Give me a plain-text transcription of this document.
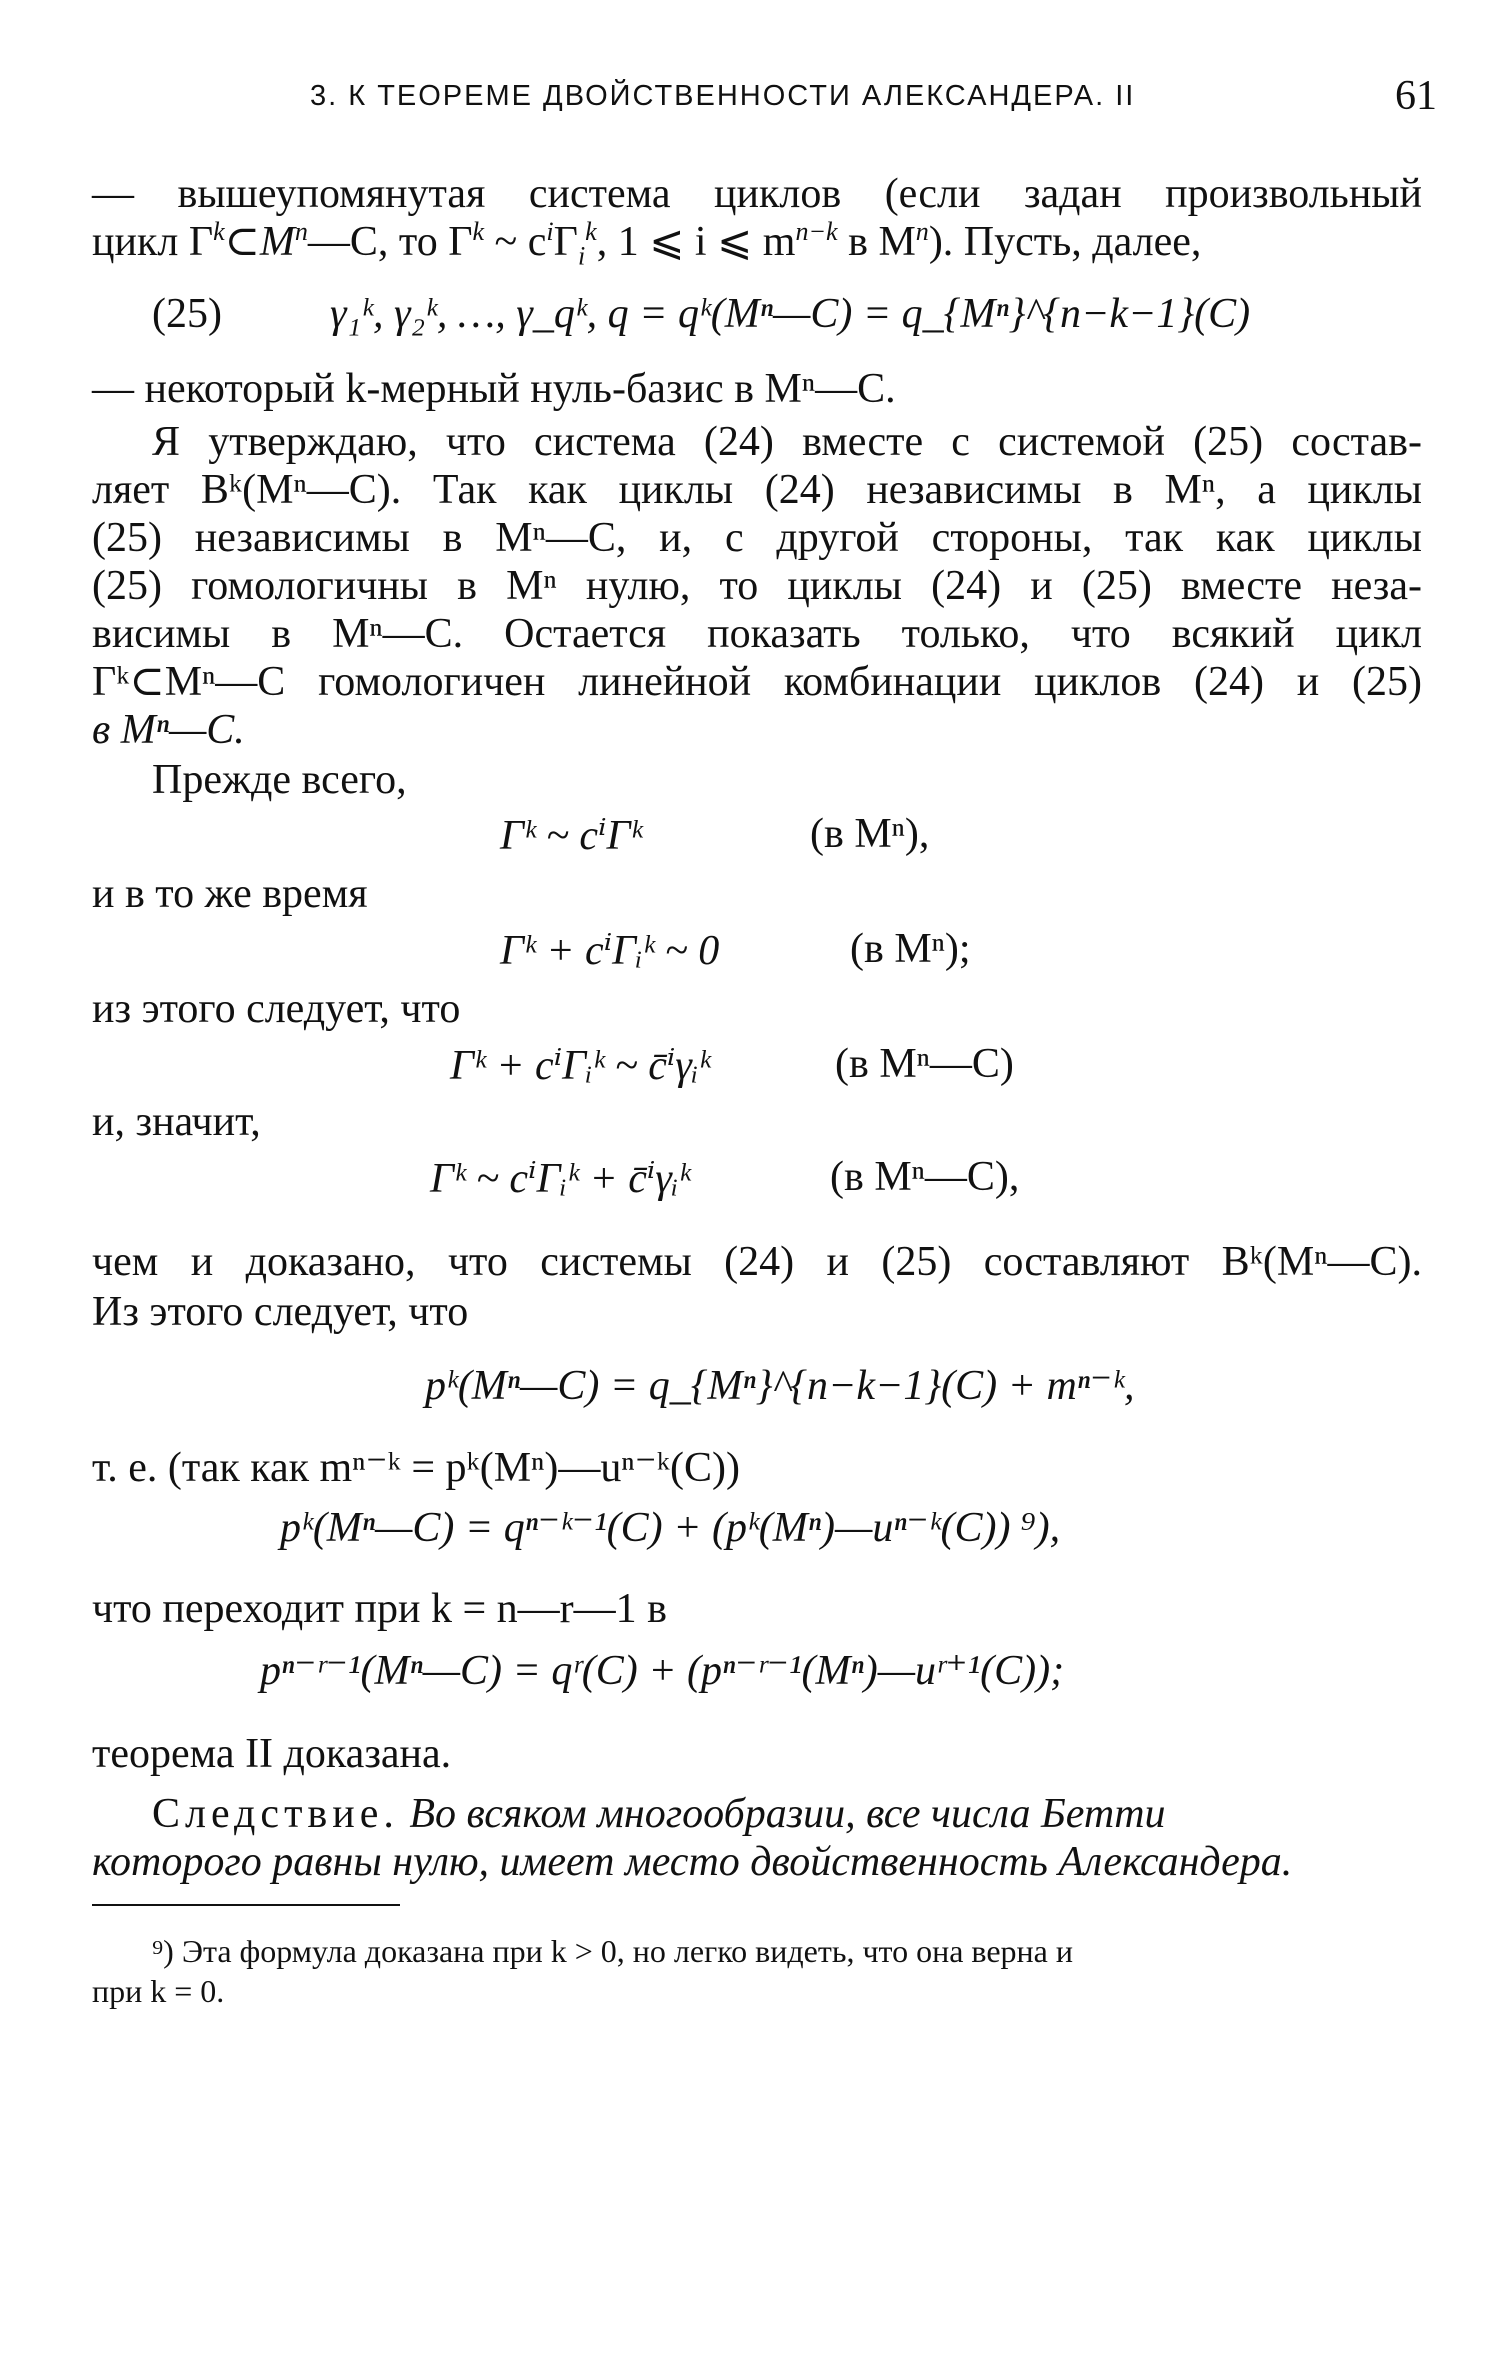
3. К ТЕОРЕМЕ ДВОЙСТВЕННОСТИ АЛЕКСАНДЕРА. II	61
— вышеупомянутая система циклов (если задан произвольный
цикл $\Gamma^k\subset M^n—C$, то $\Gamma^k$ ~ $c^i\Gamma_i^k$, 1 ⩽ i ⩽ $m^{n-k}$ в $M^n$). Пусть, далее,
(25)	γ₁ᵏ, γ₂ᵏ, …, γ_qᵏ, q = qᵏ(Mⁿ—C) = q_{Mⁿ}^{n−k−1}(C)
— некоторый k-мерный нуль-базис в Mⁿ—C.
Я утверждаю, что система (24) вместе с системой (25) состав-
ляет Bᵏ(Mⁿ—C). Так как циклы (24) независимы в Mⁿ, а циклы
(25) независимы в Mⁿ—C, и, с другой стороны, так как циклы
(25) гомологичны в Mⁿ нулю, то циклы (24) и (25) вместе неза-
висимы в Mⁿ—C. Остается показать только, что всякий цикл
Γᵏ⊂Mⁿ—C гомологичен линейной комбинации циклов (24) и (25)
в Mⁿ—C.
Прежде всего,
Γᵏ ~ cⁱΓᵏ	(в Mⁿ),
и в то же время
Γᵏ + cⁱΓᵢᵏ ~ 0	(в Mⁿ);
из этого следует, что
Γᵏ + cⁱΓᵢᵏ ~ c̄ⁱγᵢᵏ	(в Mⁿ—C)
и, значит,
Γᵏ ~ cⁱΓᵢᵏ + c̄ⁱγᵢᵏ	(в Mⁿ—C),
чем и доказано, что системы (24) и (25) составляют Bᵏ(Mⁿ—C).
Из этого следует, что
pᵏ(Mⁿ—C) = q_{Mⁿ}^{n−k−1}(C) + mⁿ⁻ᵏ,
т. е. (так как mⁿ⁻ᵏ = pᵏ(Mⁿ)—uⁿ⁻ᵏ(C))
pᵏ(Mⁿ—C) = qⁿ⁻ᵏ⁻¹(C) + (pᵏ(Mⁿ)—uⁿ⁻ᵏ(C)) ⁹),
что переходит при k = n—r—1 в
pⁿ⁻ʳ⁻¹(Mⁿ—C) = qʳ(C) + (pⁿ⁻ʳ⁻¹(Mⁿ)—uʳ⁺¹(C));
теорема II доказана.
Следствие. Во всяком многообразии, все числа Бетти
которого равны нулю, имеет место двойственность Александера.
⁹) Эта формула доказана при k > 0, но легко видеть, что она верна и
при k = 0.
